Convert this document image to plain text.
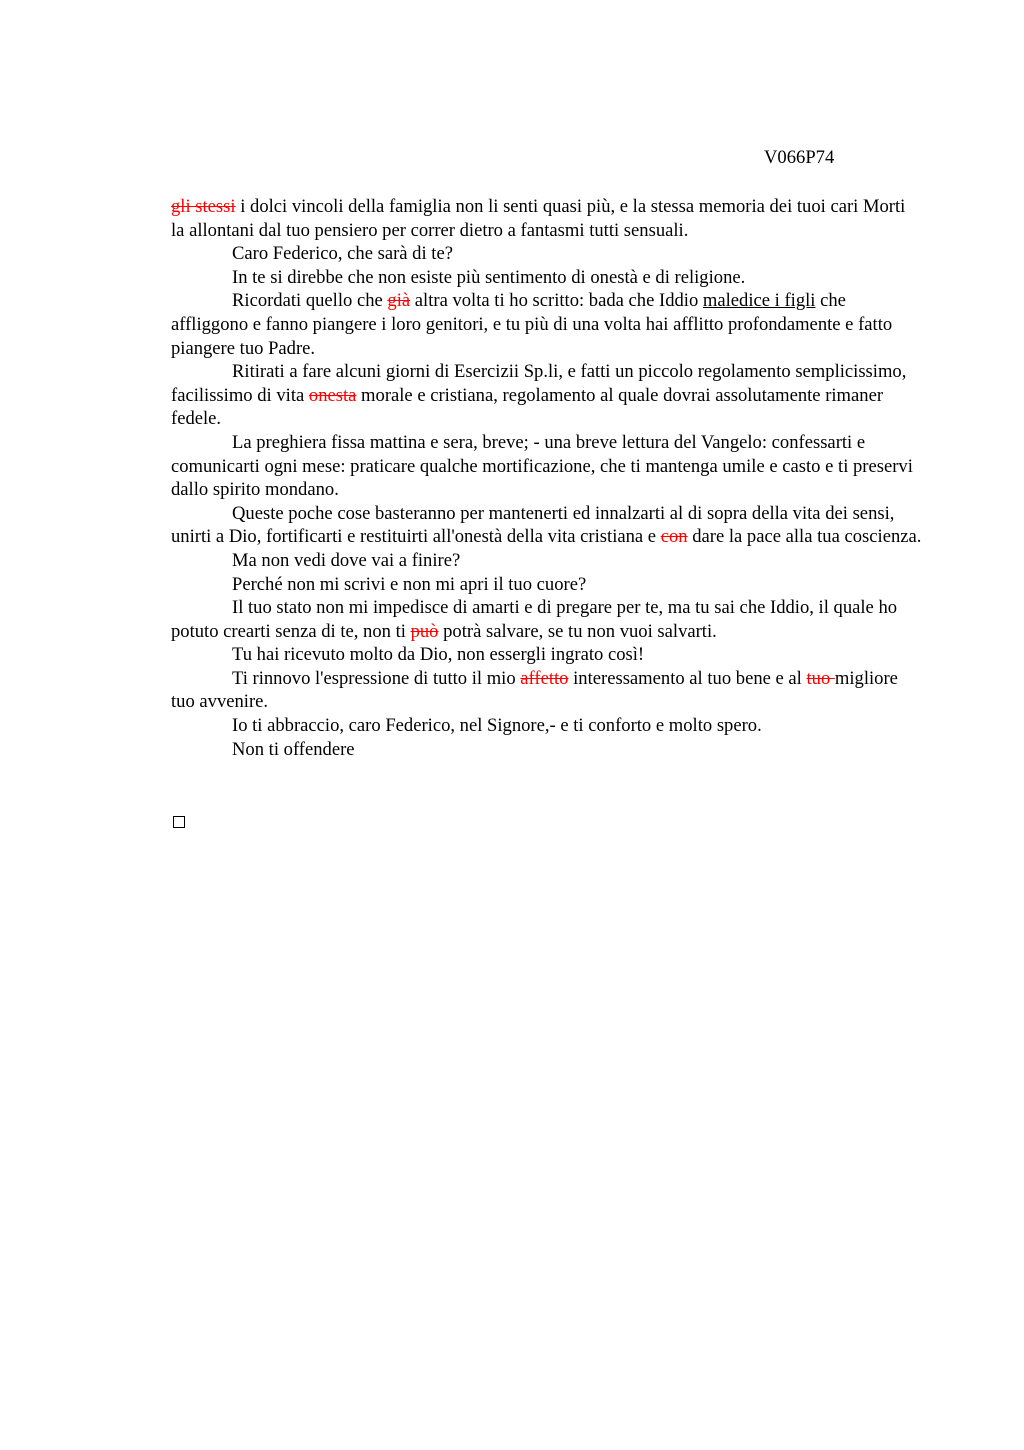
V066P74

gli stessi i dolci vincoli della famiglia non li senti quasi più, e la stessa memoria dei tuoi cari Morti la allontani dal tuo pensiero per correr dietro a fantasmi tutti sensuali.

Caro Federico, che sarà di te?

In te si direbbe che non esiste più sentimento di onestà e di religione.

Ricordati quello che già altra volta ti ho scritto: bada che Iddio maledice i figli che affliggono e fanno piangere i loro genitori, e tu più di una volta hai afflitto profondamente e fatto piangere tuo Padre.

Ritirati a fare alcuni giorni di Esercizii Sp.li, e fatti un piccolo regolamento semplicissimo, facilissimo di vita onesta morale e cristiana, regolamento al quale dovrai assolutamente rimaner fedele.

La preghiera fissa mattina e sera, breve; - una breve lettura del Vangelo: confessarti e comunicarti ogni mese: praticare qualche mortificazione, che ti mantenga umile e casto e ti preservi dallo spirito mondano.

Queste poche cose basteranno per mantenerti ed innalzarti al di sopra della vita dei sensi, unirti a Dio, fortificarti e restituirti all'onestà della vita cristiana e con dare la pace alla tua coscienza.

Ma non vedi dove vai a finire?

Perché non mi scrivi e non mi apri il tuo cuore?

Il tuo stato non mi impedisce di amarti e di pregare per te, ma tu sai che Iddio, il quale ho potuto crearti senza di te, non ti può potrà salvare, se tu non vuoi salvarti.

Tu hai ricevuto molto da Dio, non essergli ingrato così!

Ti rinnovo l'espressione di tutto il mio affetto interessamento al tuo bene e al tuo migliore tuo avvenire.

Io ti abbraccio, caro Federico, nel Signore,- e ti conforto e molto spero.

Non ti offendere
